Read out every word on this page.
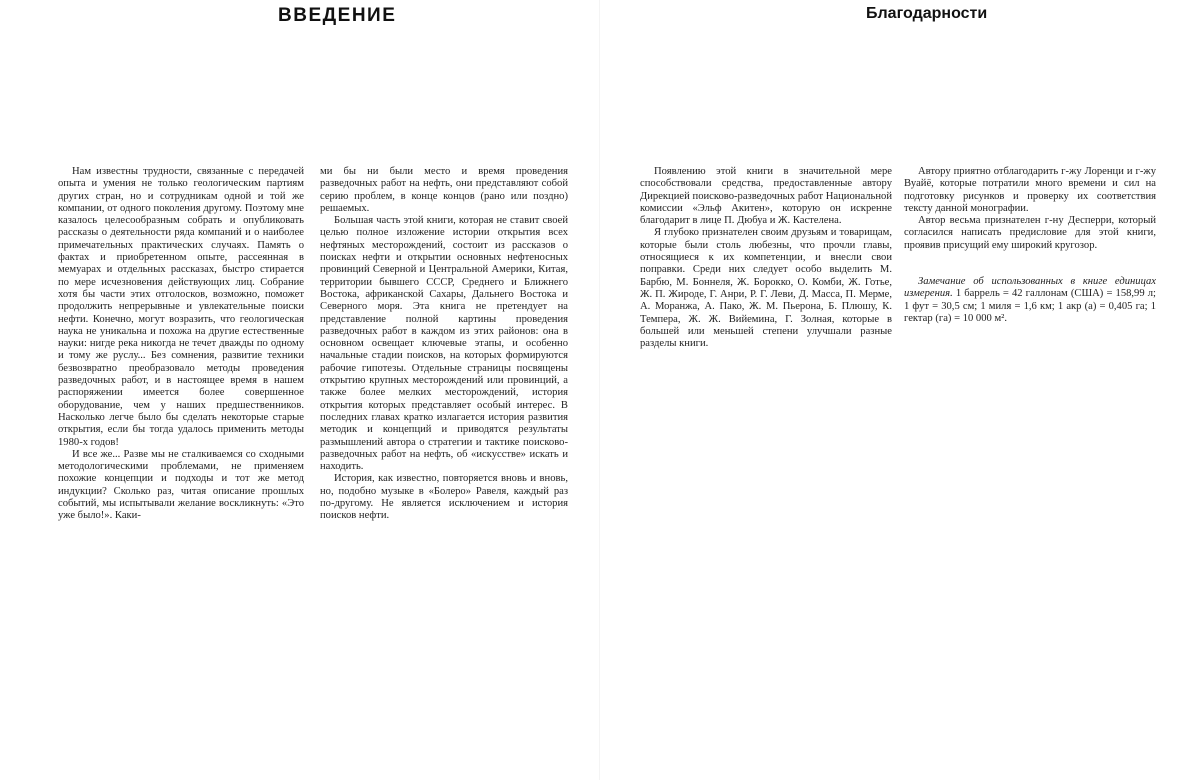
ВВЕДЕНИЕ	Благодарности

Нам известны трудности, связанные с передачей опыта и умения не только геологическим партиям других стран, но и сотрудникам одной и той же компании, от одного поколения другому. Поэтому мне казалось целесообразным собрать и опубликовать рассказы о деятельности ряда компаний и о наиболее примечательных практических случаях. Память о фактах и приобретенном опыте, рассеянная в мемуарах и отдельных рассказах, быстро стирается по мере исчезновения действующих лиц. Собрание хотя бы части этих отголосков, возможно, поможет продолжить непрерывные и увлекательные поиски нефти. Конечно, могут возразить, что геологическая наука не уникальна и похожа на другие естественные науки: нигде река никогда не течет дважды по одному и тому же руслу... Без сомнения, развитие техники безвозвратно преобразовало методы проведения разведочных работ, и в настоящее время в нашем распоряжении имеется более совершенное оборудование, чем у наших предшественников. Насколько легче было бы сделать некоторые старые открытия, если бы тогда удалось применить методы 1980-х годов!

И все же... Разве мы не сталкиваемся со сходными методологическими проблемами, не применяем похожие концепции и подходы и тот же метод индукции? Сколько раз, читая описание прошлых событий, мы испытывали желание воскликнуть: «Это уже было!». Каки-

ми бы ни были место и время проведения разведочных работ на нефть, они представляют собой серию проблем, в конце концов (рано или поздно) решаемых.

Большая часть этой книги, которая не ставит своей целью полное изложение истории открытия всех нефтяных месторождений, состоит из рассказов о поисках нефти и открытии основных нефтеносных провинций Северной и Центральной Америки, Китая, территории бывшего СССР, Среднего и Ближнего Востока, африканской Сахары, Дальнего Востока и Северного моря. Эта книга не претендует на представление полной картины проведения разведочных работ в каждом из этих районов: она в основном освещает ключевые этапы, и особенно начальные стадии поисков, на которых формируются рабочие гипотезы. Отдельные страницы посвящены открытию крупных месторождений или провинций, а также более мелких месторождений, история открытия которых представляет особый интерес. В последних главах кратко излагается история развития методик и концепций и приводятся результаты размышлений автора о стратегии и тактике поисково-разведочных работ на нефть, об «искусстве» искать и находить.

История, как известно, повторяется вновь и вновь, но, подобно музыке в «Болеро» Равеля, каждый раз по-другому. Не является исключением и история поисков нефти.

Появлению этой книги в значительной мере способствовали средства, предоставленные автору Дирекцией поисково-разведочных работ Национальной комиссии «Эльф Акитен», которую он искренне благодарит в лице П. Дюбуа и Ж. Кастелена.

Я глубоко признателен своим друзьям и товарищам, которые были столь любезны, что прочли главы, относящиеся к их компетенции, и внесли свои поправки. Среди них следует особо выделить М. Барбю, М. Боннеля, Ж. Борокко, О. Комби, Ж. Готье, Ж. П. Жироде, Г. Анри, Р. Г. Леви, Д. Масса, П. Мерме, А. Моранжа, А. Пако, Ж. М. Пьерона, Б. Плюшу, К. Темпера, Ж. Ж. Вийемина, Г. Золная, которые в большей или меньшей степени улучшали разные разделы книги.

Автору приятно отблагодарить г-жу Лоренци и г-жу Вуайё, которые потратили много времени и сил на подготовку рисунков и проверку их соответствия тексту данной монографии.

Автор весьма признателен г-ну Десперри, который согласился написать предисловие для этой книги, проявив присущий ему широкий кругозор.

Замечание об использованных в книге единицах измерения. 1 баррель = 42 галлонам (США) = 158,99 л; 1 фут = 30,5 см; 1 миля = 1,6 км; 1 акр (а) = 0,405 га; 1 гектар (га) = 10 000 м².
